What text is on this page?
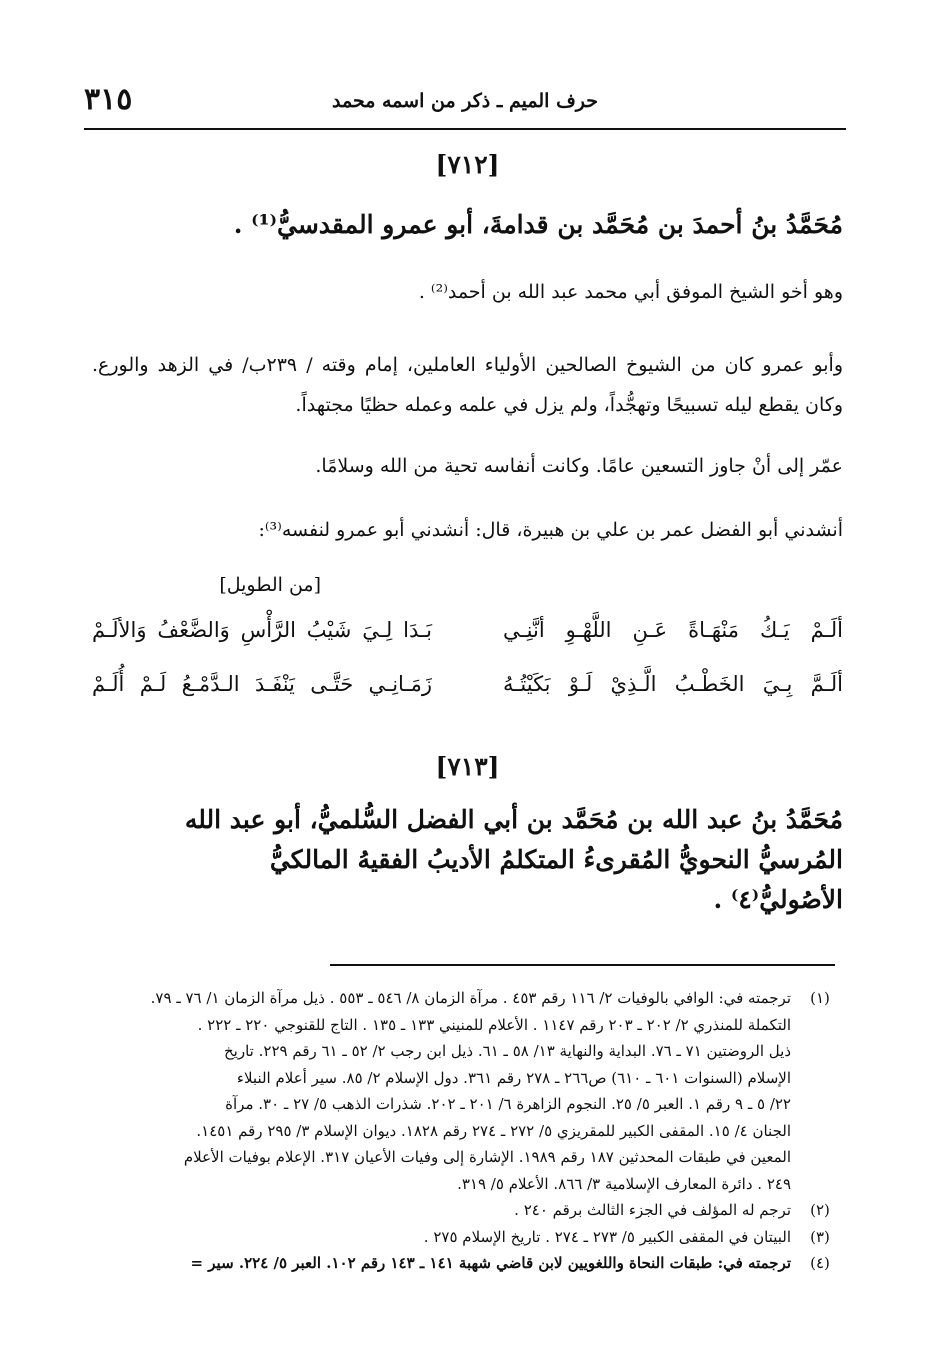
٣١٥	حرف الميم ـ ذكر من اسمه محمد
[٧١٢]
مُحَمَّدُ بنُ أحمدَ بن مُحَمَّد بن قدامةَ، أبو عمرو المقدسيُّ⁽¹⁾ .
وهو أخو الشيخ الموفق أبي محمد عبد الله بن أحمد⁽²⁾ .
وأبو عمرو كان من الشيوخ الصالحين الأولياء العاملين، إمام وقته / ٢٣٩ب/ في الزهد والورع. وكان يقطع ليله تسبيحًا وتهجُّداً، ولم يزل في علمه وعمله حظيًا مجتهداً.
عمّر إلى أنْ جاوز التسعين عامًا. وكانت أنفاسه تحية من الله وسلامًا.
أنشدني أبو الفضل عمر بن علي بن هبيرة، قال: أنشدني أبو عمرو لنفسه⁽³⁾:
[من الطويل]
ألَـمْ يَـكُ مَنْهَـاةً عَـنِ اللَّهْـوِ أنَّنِـي
بَـدَا لِـيَ شَيْبُ الرَّأْسِ وَالضَّعْفُ وَالألَـمْ
ألَـمَّ بِـيَ الخَطْـبُ الَّـذِيْ لَـوْ بَكَيْتُـهُ
زَمَـانِـي حَتَّـى يَنْفَـدَ الـدَّمْـعُ لَـمْ أُلَـمْ
[٧١٣]
مُحَمَّدُ بنُ عبد الله بن مُحَمَّد بن أبي الفضل السُّلميُّ، أبو عبد الله
المُرسيُّ النحويُّ المُقرىءُ المتكلمُ الأديبُ الفقيهُ المالكيُّ
الأصُوليُّ⁽٤⁾ .
(١)
ترجمته في: الوافي بالوفيات ٢/ ١١٦ رقم ٤٥٣ . مرآة الزمان ٨/ ٥٤٦ ـ ٥٥٣ . ذيل مرآة الزمان ١/ ٧٦ ـ ٧٩.
التكملة للمنذري ٢/ ٢٠٢ ـ ٢٠٣ رقم ١١٤٧ . الأعلام للمنيني ١٣٣ ـ ١٣٥ . التاج للقنوجي ٢٢٠ ـ ٢٢٢ .
ذيل الروضتين ٧١ ـ ٧٦. البداية والنهاية ١٣/ ٥٨ ـ ٦١. ذيل ابن رجب ٢/ ٥٢ ـ ٦١ رقم ٢٢٩. تاريخ
الإسلام (السنوات ٦٠١ ـ ٦١٠) ص٢٦٦ ـ ٢٧٨ رقم ٣٦١. دول الإسلام ٢/ ٨٥. سير أعلام النبلاء
٢٢/ ٥ ـ ٩ رقم ١. العبر ٥/ ٢٥. النجوم الزاهرة ٦/ ٢٠١ ـ ٢٠٢. شذرات الذهب ٥/ ٢٧ ـ ٣٠. مرآة
الجنان ٤/ ١٥. المقفى الكبير للمقريزي ٥/ ٢٧٢ ـ ٢٧٤ رقم ١٨٢٨. ديوان الإسلام ٣/ ٢٩٥ رقم ١٤٥١.
المعين في طبقات المحدثين ١٨٧ رقم ١٩٨٩. الإشارة إلى وفيات الأعيان ٣١٧. الإعلام بوفيات الأعلام
٢٤٩ . دائرة المعارف الإسلامية ٣/ ٨٦٦. الأعلام ٥/ ٣١٩.
(٢)
ترجم له المؤلف في الجزء الثالث برقم ٢٤٠ .
(٣)
البيتان في المقفى الكبير ٥/ ٢٧٣ ـ ٢٧٤ . تاريخ الإسلام ٢٧٥ .
(٤)
ترجمته في: طبقات النحاة واللغويين لابن قاضي شهبة ١٤١ ـ ١٤٣ رقم ١٠٢. العبر ٥/ ٢٢٤. سير =
